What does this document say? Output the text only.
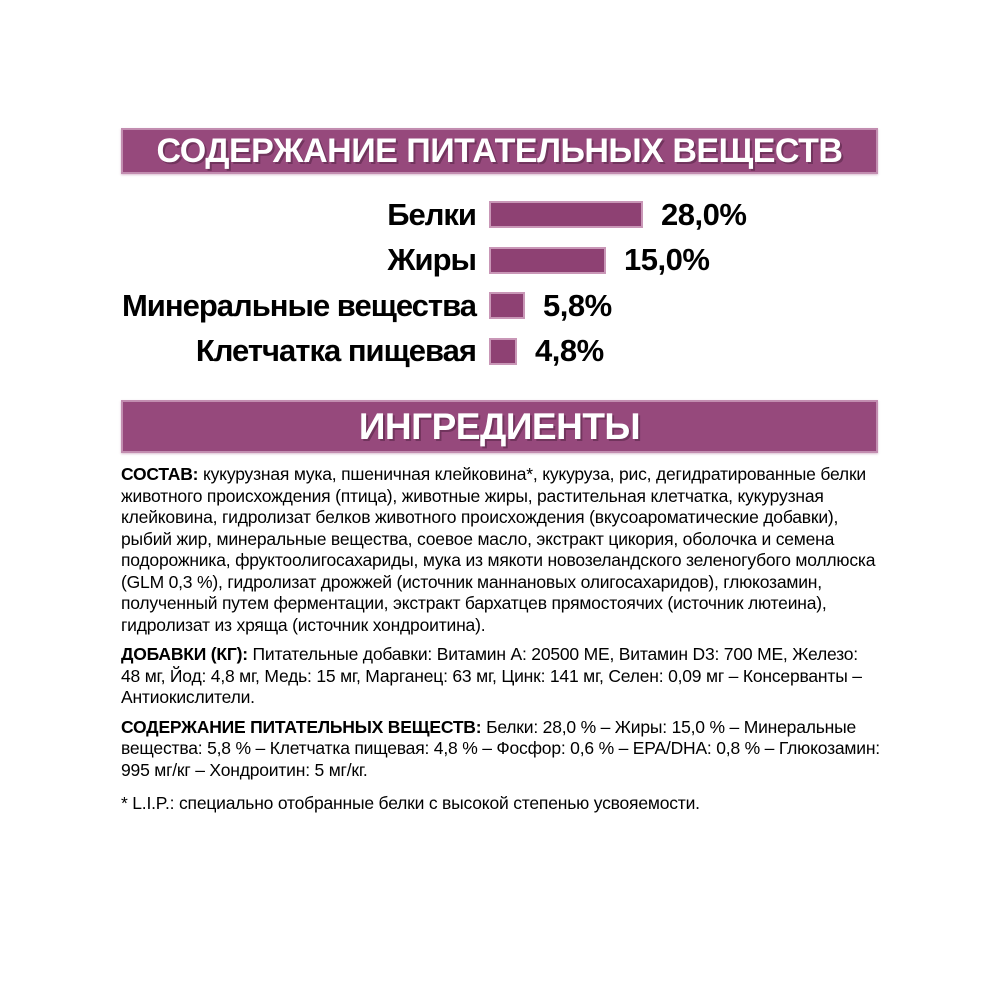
СОДЕРЖАНИЕ ПИТАТЕЛЬНЫХ ВЕЩЕСТВ
Белки	28,0%
Жиры	15,0%
Минеральные вещества	5,8%
Клетчатка пищевая	4,8%
ИНГРЕДИЕНТЫ

СОСТАВ: кукурузная мука, пшеничная клейковина*, кукуруза, рис, дегидратированные белки животного происхождения (птица), животные жиры, растительная клетчатка, кукурузная клейковина, гидролизат белков животного происхождения (вкусоароматические добавки), рыбий жир, минеральные вещества, соевое масло, экстракт цикория, оболочка и семена подорожника, фруктоолигосахариды, мука из мякоти новозеландского зеленогубого моллюска (GLM 0,3 %), гидролизат дрожжей (источник маннановых олигосахаридов), глюкозамин, полученный путем ферментации, экстракт бархатцев прямостоячих (источник лютеина), гидролизат из хряща (источник хондроитина).

ДОБАВКИ (КГ): Питательные добавки: Витамин А: 20500 МЕ, Витамин D3: 700 МЕ, Железо: 48 мг, Йод: 4,8 мг, Медь: 15 мг, Марганец: 63 мг, Цинк: 141 мг, Селен: 0,09 мг – Консерванты – Антиокислители.

СОДЕРЖАНИЕ ПИТАТЕЛЬНЫХ ВЕЩЕСТВ: Белки: 28,0 % – Жиры: 15,0 % – Минеральные вещества: 5,8 % – Клетчатка пищевая: 4,8 % – Фосфор: 0,6 % – EPA/DHA: 0,8 % – Глюкозамин: 995 мг/кг – Хондроитин: 5 мг/кг.

* L.I.P.: специально отобранные белки с высокой степенью усвояемости.
